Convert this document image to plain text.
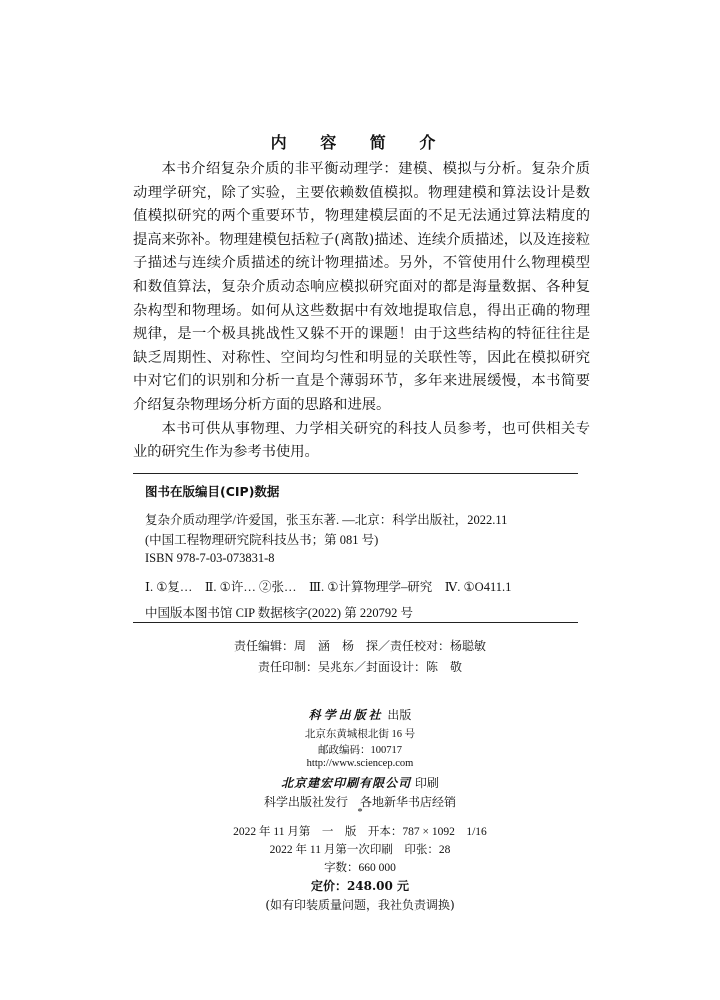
内 容 简 介

本书介绍复杂介质的非平衡动理学：建模、模拟与分析。复杂介质动理学研究，除了实验，主要依赖数值模拟。物理建模和算法设计是数值模拟研究的两个重要环节，物理建模层面的不足无法通过算法精度的提高来弥补。物理建模包括粒子(离散)描述、连续介质描述，以及连接粒子描述与连续介质描述的统计物理描述。另外，不管使用什么物理模型和数值算法，复杂介质动态响应模拟研究面对的都是海量数据、各种复杂构型和物理场。如何从这些数据中有效地提取信息，得出正确的物理规律，是一个极具挑战性又躲不开的课题！由于这些结构的特征往往是缺乏周期性、对称性、空间均匀性和明显的关联性等，因此在模拟研究中对它们的识别和分析一直是个薄弱环节，多年来进展缓慢，本书简要介绍复杂物理场分析方面的思路和进展。

本书可供从事物理、力学相关研究的科技人员参考，也可供相关专业的研究生作为参考书使用。

图书在版编目(CIP)数据
复杂介质动理学/许爱国，张玉东著. —北京：科学出版社，2022.11
(中国工程物理研究院科技丛书；第 081 号)
ISBN 978-7-03-073831-8
Ⅰ. ①复…　Ⅱ. ①许… ②张…　Ⅲ. ①计算物理学–研究　Ⅳ. ①O411.1
中国版本图书馆 CIP 数据核字(2022) 第 220792 号
责任编辑：周　涵　杨　探／责任校对：杨聪敏
责任印制：吴兆东／封面设计：陈　敬
科学出版社 出版
北京东黄城根北街 16 号
邮政编码：100717
http://www.sciencep.com
北京建宏印刷有限公司 印刷
科学出版社发行　各地新华书店经销
*
2022 年 11 月第　一　版　开本：787 × 1092　1/16
2022 年 11 月第一次印刷　印张：28
字数：660 000
定价：248.00 元
(如有印装质量问题，我社负责调换)
